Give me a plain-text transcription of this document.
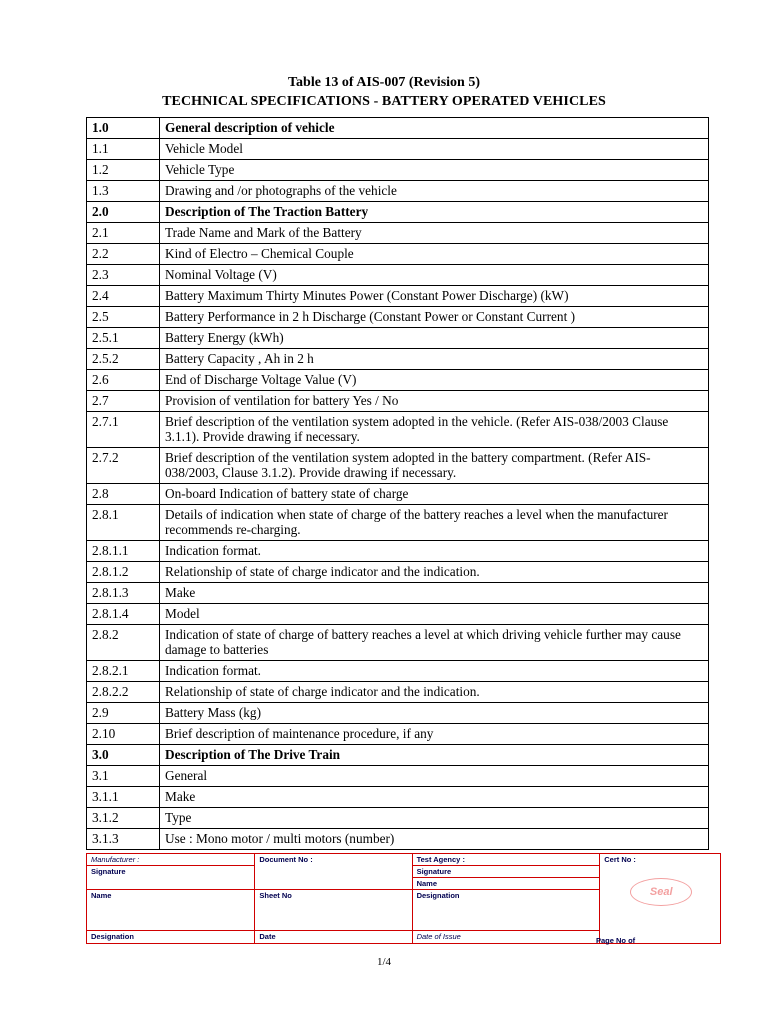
Table 13 of AIS-007 (Revision 5)
TECHNICAL SPECIFICATIONS - BATTERY OPERATED VEHICLES
1.0	General description of vehicle
1.1	Vehicle Model
1.2	Vehicle Type
1.3	Drawing and /or photographs of the vehicle
2.0	Description of The Traction Battery
2.1	Trade Name and Mark of the Battery
2.2	Kind of Electro – Chemical Couple
2.3	Nominal Voltage (V)
2.4	Battery Maximum Thirty Minutes Power (Constant Power Discharge) (kW)
2.5	Battery Performance in 2 h Discharge (Constant Power or Constant Current )
2.5.1	Battery Energy (kWh)
2.5.2	Battery Capacity , Ah in 2 h
2.6	End of Discharge Voltage Value (V)
2.7	Provision of ventilation for battery Yes / No
2.7.1	Brief description of the ventilation system adopted in the vehicle. (Refer AIS-038/2003 Clause 3.1.1). Provide drawing if necessary.
2.7.2	Brief description of the ventilation system adopted in the battery compartment. (Refer AIS-038/2003, Clause 3.1.2). Provide drawing if necessary.
2.8	On-board Indication of battery state of charge
2.8.1	Details of indication when state of charge of the battery reaches a level when the manufacturer recommends re-charging.
2.8.1.1	Indication format.
2.8.1.2	Relationship of state of charge indicator and the indication.
2.8.1.3	Make
2.8.1.4	Model
2.8.2	Indication of state of charge of battery reaches a level at which driving vehicle further may cause damage to batteries
2.8.2.1	Indication format.
2.8.2.2	Relationship of state of charge indicator and the indication.
2.9	Battery Mass (kg)
2.10	Brief description of maintenance procedure, if any
3.0	Description of The Drive Train
3.1	General
3.1.1	Make
3.1.2	Type
3.1.3	Use : Mono motor / multi motors (number)
Manufacturer :	Document No :	Test Agency :	Cert No :
Seal
Signature		Signature
Name	

Name	Sheet No	Designation	
Designation	Date	Date of Issue		Page No of
1/4
